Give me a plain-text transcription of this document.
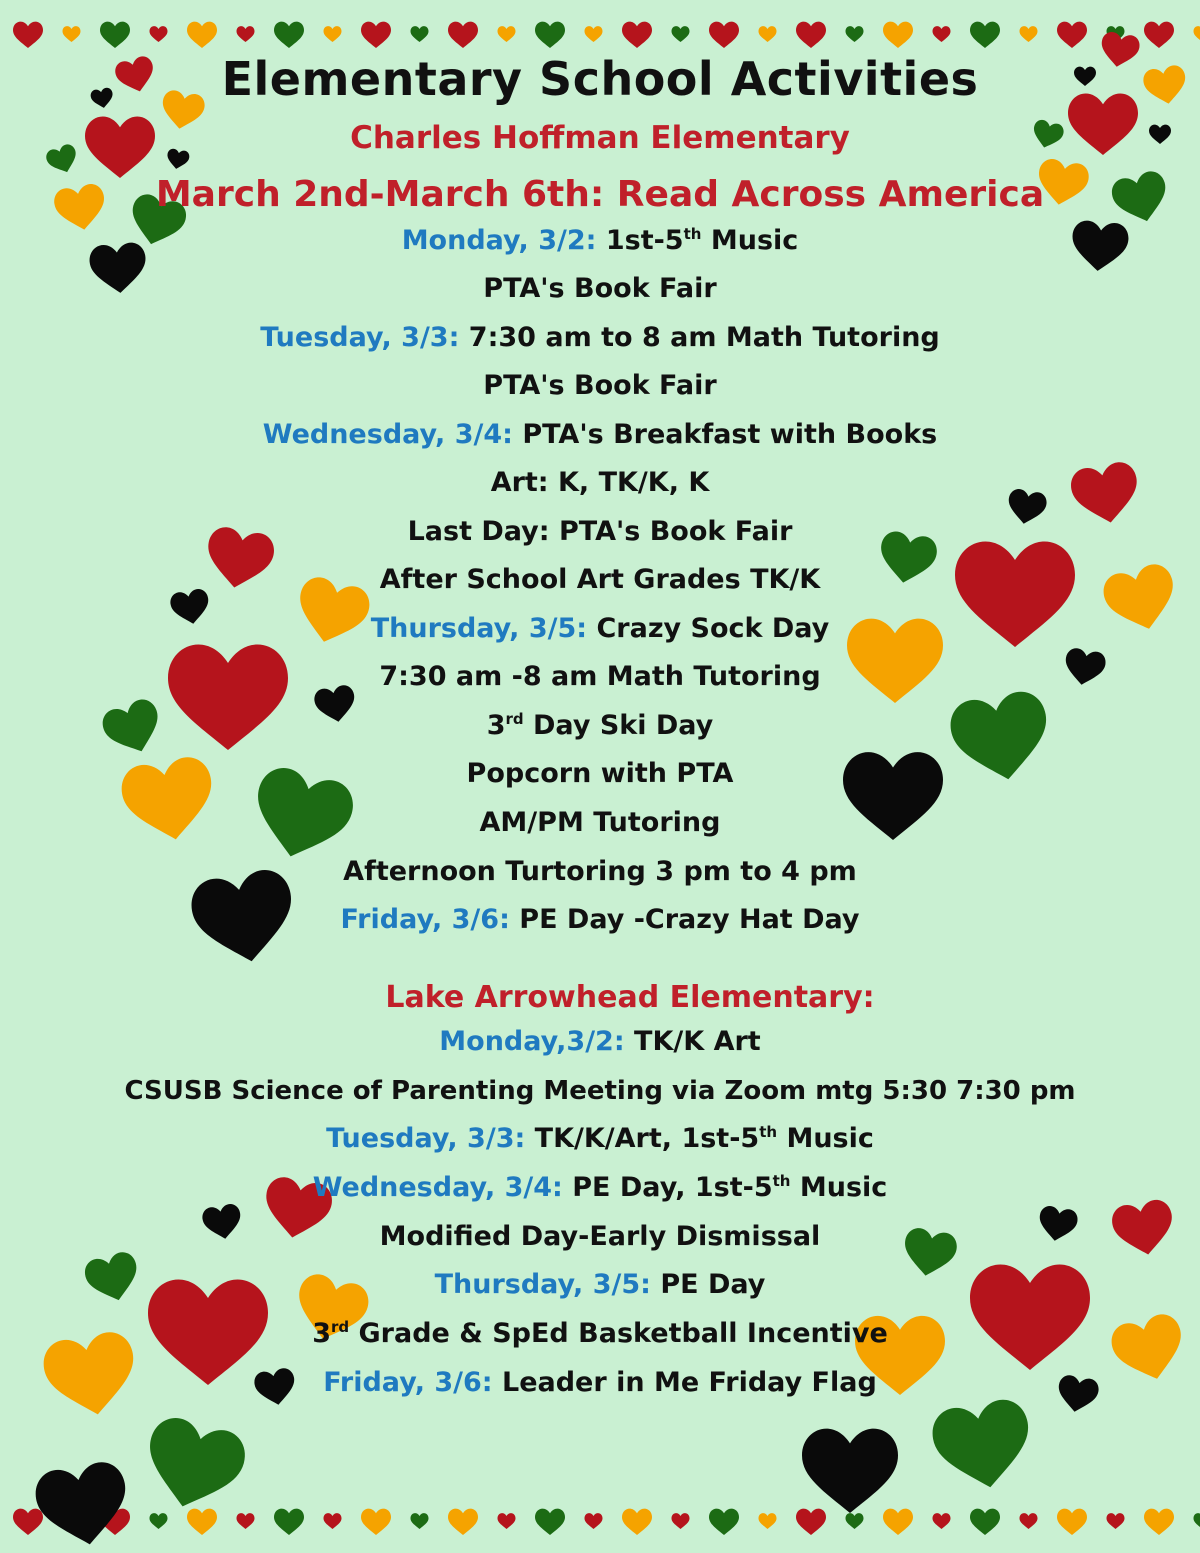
Elementary School Activities
Charles Hoffman Elementary
March 2nd-March 6th: Read Across America
Monday, 3/2: 1st-5th Music
PTA's Book Fair
Tuesday, 3/3: 7:30 am to 8 am Math Tutoring
PTA's Book Fair
Wednesday, 3/4: PTA's Breakfast with Books
Art: K, TK/K, K
Last Day: PTA's Book Fair
After School Art Grades TK/K
Thursday, 3/5: Crazy Sock Day
7:30 am -8 am Math Tutoring
3rd Day Ski Day
Popcorn with PTA
AM/PM Tutoring
Afternoon Turtoring 3 pm to 4 pm
Friday, 3/6: PE Day -Crazy Hat Day
Lake Arrowhead Elementary:
Monday,3/2: TK/K Art
CSUSB Science of Parenting Meeting via Zoom mtg 5:30 7:30 pm
Tuesday, 3/3: TK/K/Art, 1st-5th Music
Wednesday, 3/4: PE Day, 1st-5th Music
Modified Day-Early Dismissal
Thursday, 3/5: PE Day
3rd Grade & SpEd Basketball Incentive
Friday, 3/6: Leader in Me Friday Flag
